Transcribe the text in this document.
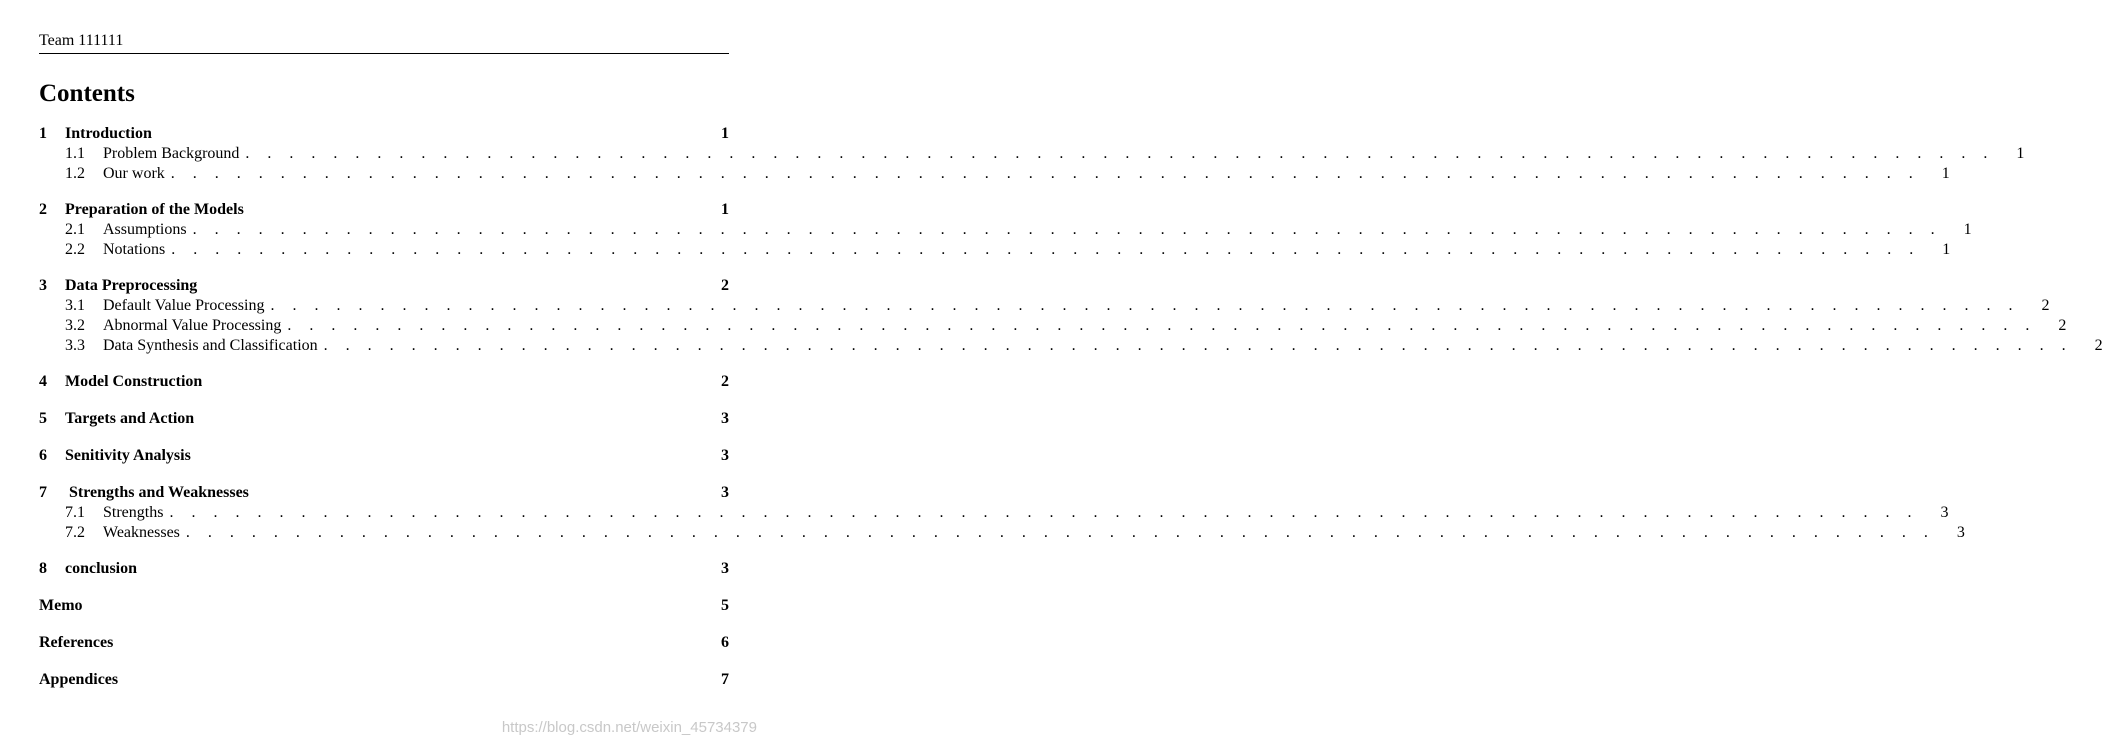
Team 111111
Contents
1	Introduction	1
1.1	Problem Background . . . . . . . . . . . . . . . . . . . . . . . . . . . . . . . . . . . . . . . . . . . . . . . . . . . . . . . . . . . . . . . . . . . . . . . . . . . . . . . . 1
1.2	Our work . . . . . . . . . . . . . . . . . . . . . . . . . . . . . . . . . . . . . . . . . . . . . . . . . . . . . . . . . . . . . . . . . . . . . . . . . . . . . . . . 1
2	Preparation of the Models	1
2.1	Assumptions . . . . . . . . . . . . . . . . . . . . . . . . . . . . . . . . . . . . . . . . . . . . . . . . . . . . . . . . . . . . . . . . . . . . . . . . . . . . . . . . 1
2.2	Notations . . . . . . . . . . . . . . . . . . . . . . . . . . . . . . . . . . . . . . . . . . . . . . . . . . . . . . . . . . . . . . . . . . . . . . . . . . . . . . . . 1
3	Data Preprocessing	2
3.1	Default Value Processing . . . . . . . . . . . . . . . . . . . . . . . . . . . . . . . . . . . . . . . . . . . . . . . . . . . . . . . . . . . . . . . . . . . . . . . . . . . . . . . . 2
3.2	Abnormal Value Processing . . . . . . . . . . . . . . . . . . . . . . . . . . . . . . . . . . . . . . . . . . . . . . . . . . . . . . . . . . . . . . . . . . . . . . . . . . . . . . . . 2
3.3	Data Synthesis and Classification . . . . . . . . . . . . . . . . . . . . . . . . . . . . . . . . . . . . . . . . . . . . . . . . . . . . . . . . . . . . . . . . . . . . . . . . . . . . . . . . 2
4	Model Construction	2
5	Targets and Action	3
6	Senitivity Analysis	3
7	Strengths and Weaknesses	3
7.1	Strengths . . . . . . . . . . . . . . . . . . . . . . . . . . . . . . . . . . . . . . . . . . . . . . . . . . . . . . . . . . . . . . . . . . . . . . . . . . . . . . . . 3
7.2	Weaknesses . . . . . . . . . . . . . . . . . . . . . . . . . . . . . . . . . . . . . . . . . . . . . . . . . . . . . . . . . . . . . . . . . . . . . . . . . . . . . . . . 3
8	conclusion	3
Memo	5
References	6
Appendices	7
https://blog.csdn.net/weixin_45734379
